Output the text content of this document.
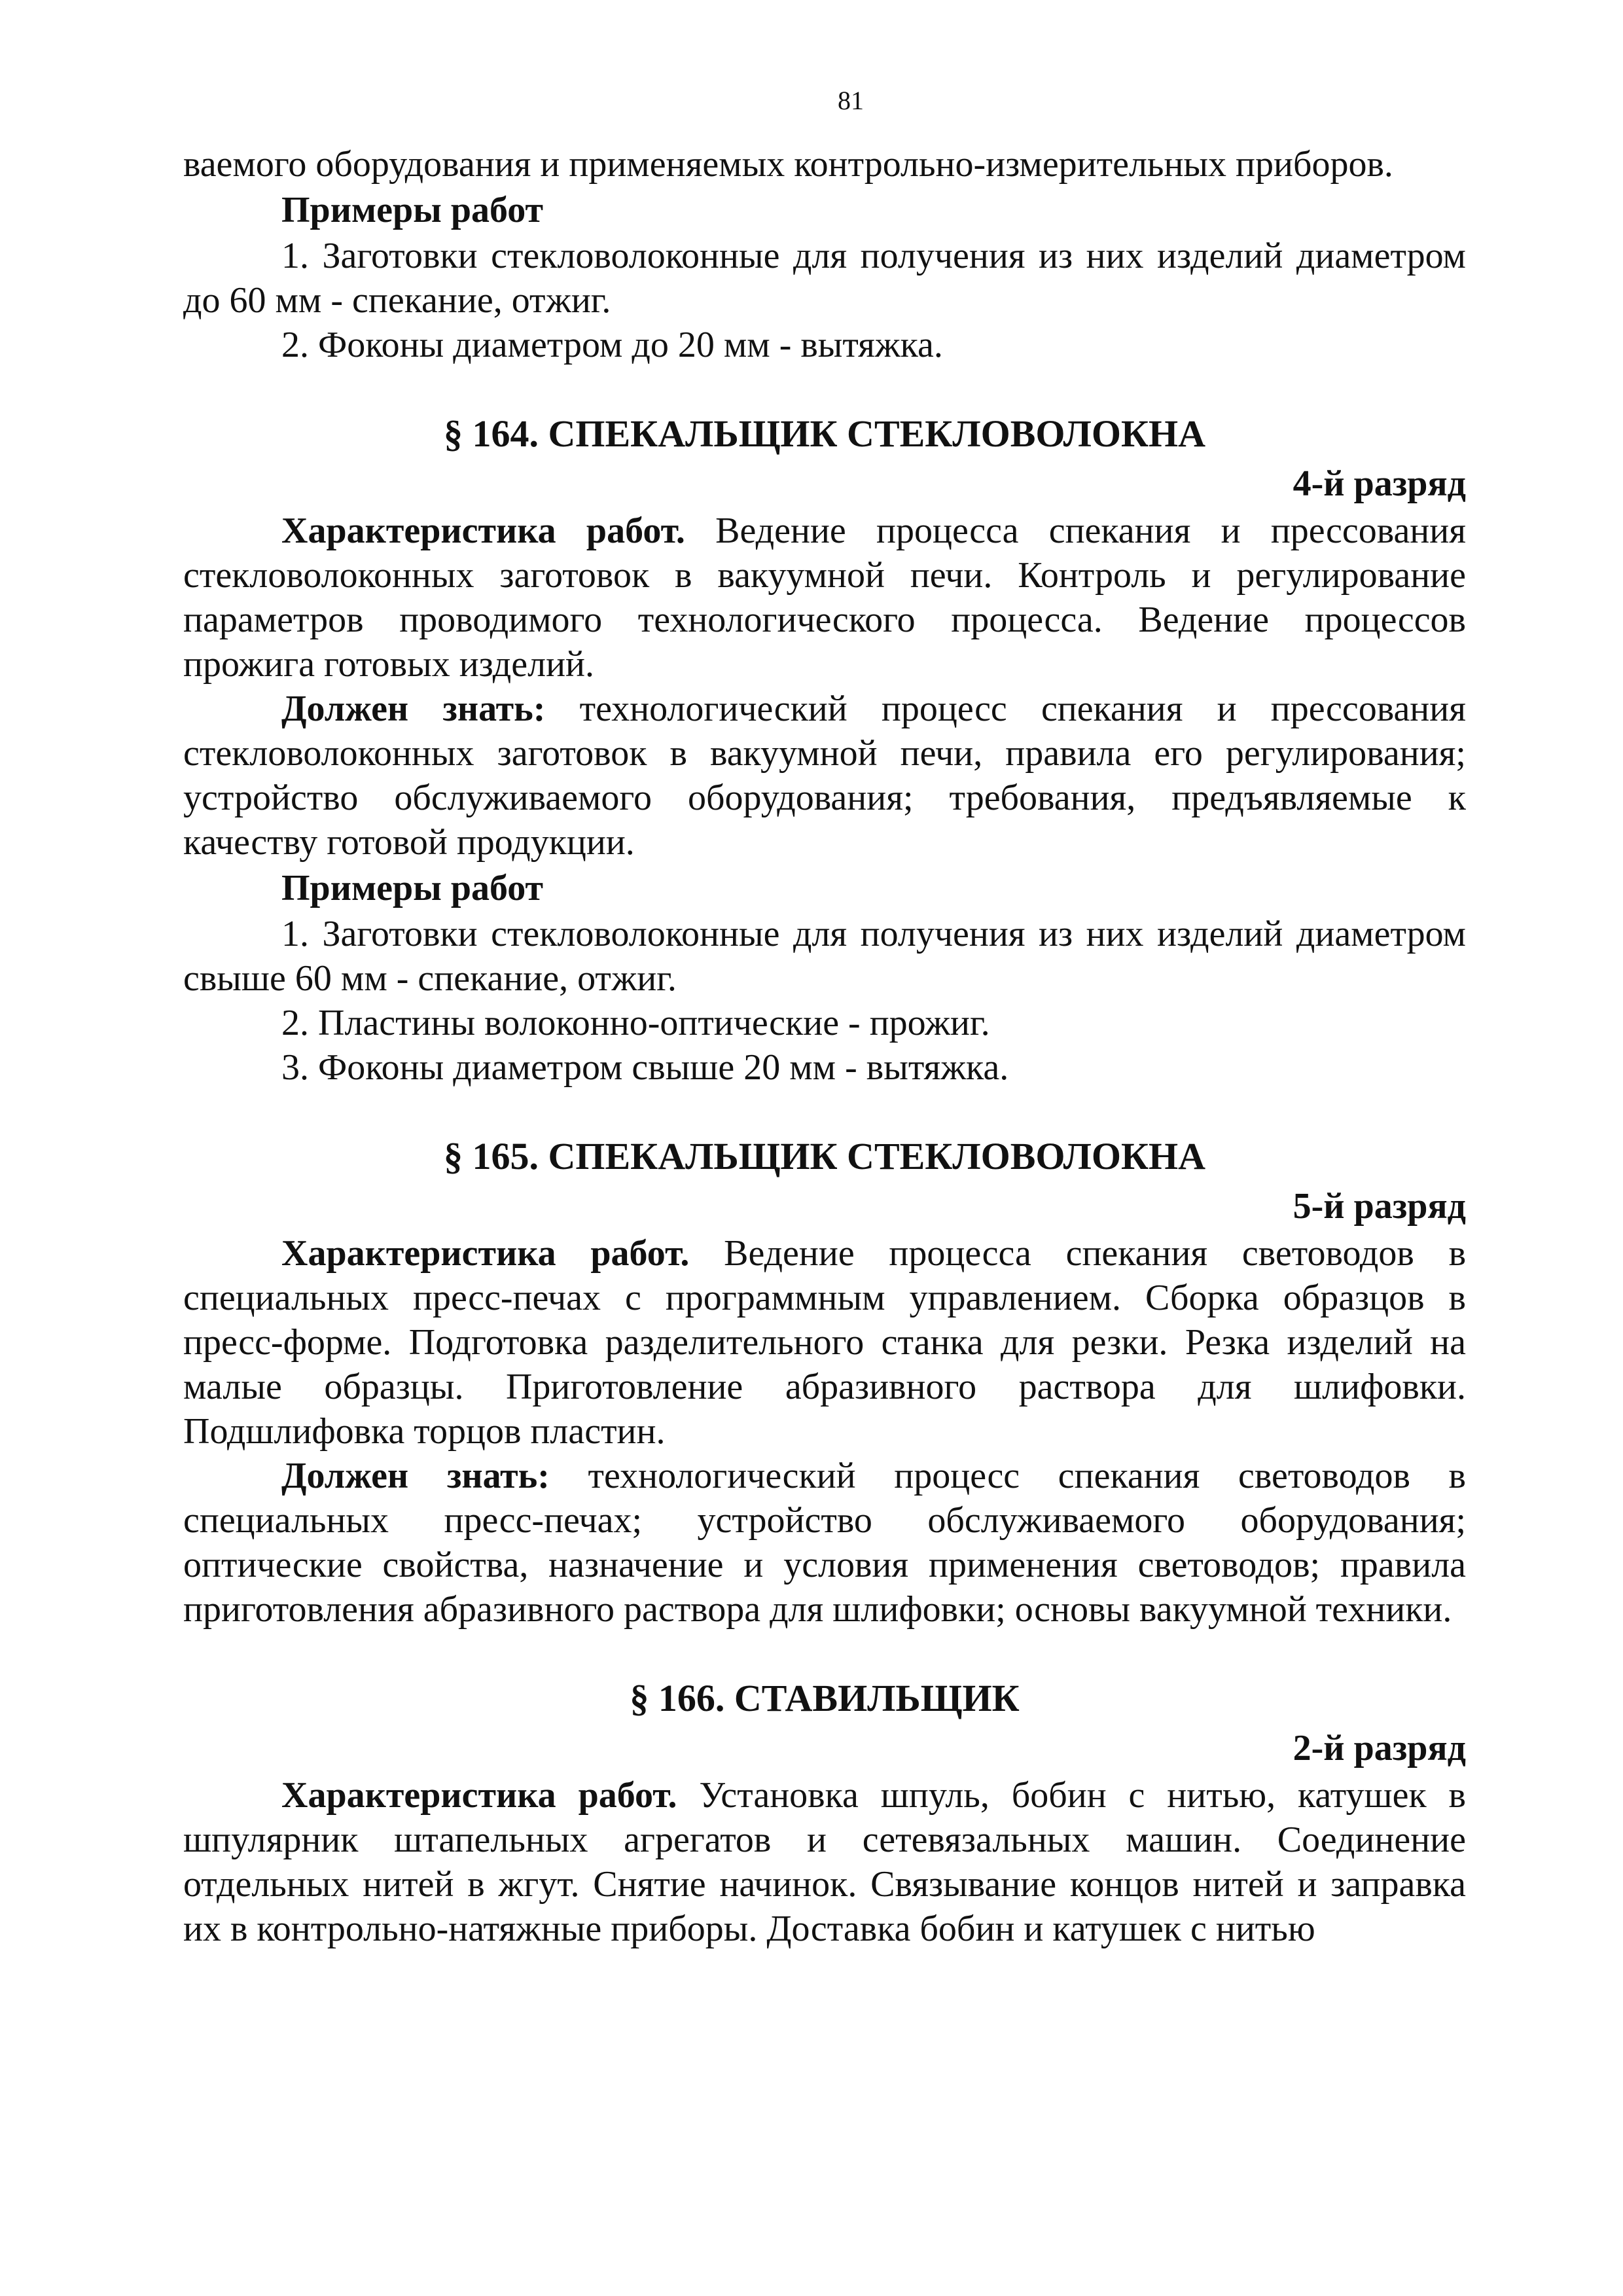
81

ваемого оборудования и применяемых контрольно-измерительных приборов.

Примеры работ

1. Заготовки стекловолоконные для получения из них изделий диаметром до 60 мм - спекание, отжиг.

2. Фоконы диаметром до 20 мм - вытяжка.

§ 164. СПЕКАЛЬЩИК СТЕКЛОВОЛОКНА
4-й разряд

Характеристика работ. Ведение процесса спекания и прессования стекловолоконных заготовок в вакуумной печи. Контроль и регулирование параметров проводимого технологического процесса. Ведение процессов прожига готовых изделий.

Должен знать: технологический процесс спекания и прессования стекловолоконных заготовок в вакуумной печи, правила его регулирования; устройство обслуживаемого оборудования; требования, предъявляемые к качеству готовой продукции.

Примеры работ

1. Заготовки стекловолоконные для получения из них изделий диаметром свыше 60 мм - спекание, отжиг.

2. Пластины волоконно-оптические - прожиг.

3. Фоконы диаметром свыше 20 мм - вытяжка.

§ 165. СПЕКАЛЬЩИК СТЕКЛОВОЛОКНА
5-й разряд

Характеристика работ. Ведение процесса спекания световодов в специальных пресс-печах с программным управлением. Сборка образцов в пресс-форме. Подготовка разделительного станка для резки. Резка изделий на малые образцы. Приготовление абразивного раствора для шлифовки. Подшлифовка торцов пластин.

Должен знать: технологический процесс спекания световодов в специальных пресс-печах; устройство обслуживаемого оборудования; оптические свойства, назначение и условия применения световодов; правила приготовления абразивного раствора для шлифовки; основы вакуумной техники.

§ 166. СТАВИЛЬЩИК
2-й разряд

Характеристика работ. Установка шпуль, бобин с нитью, катушек в шпулярник штапельных агрегатов и сетевязальных машин. Соединение отдельных нитей в жгут. Снятие начинок. Связывание концов нитей и заправка их в контрольно-натяжные приборы. Доставка бобин и катушек с нитью
